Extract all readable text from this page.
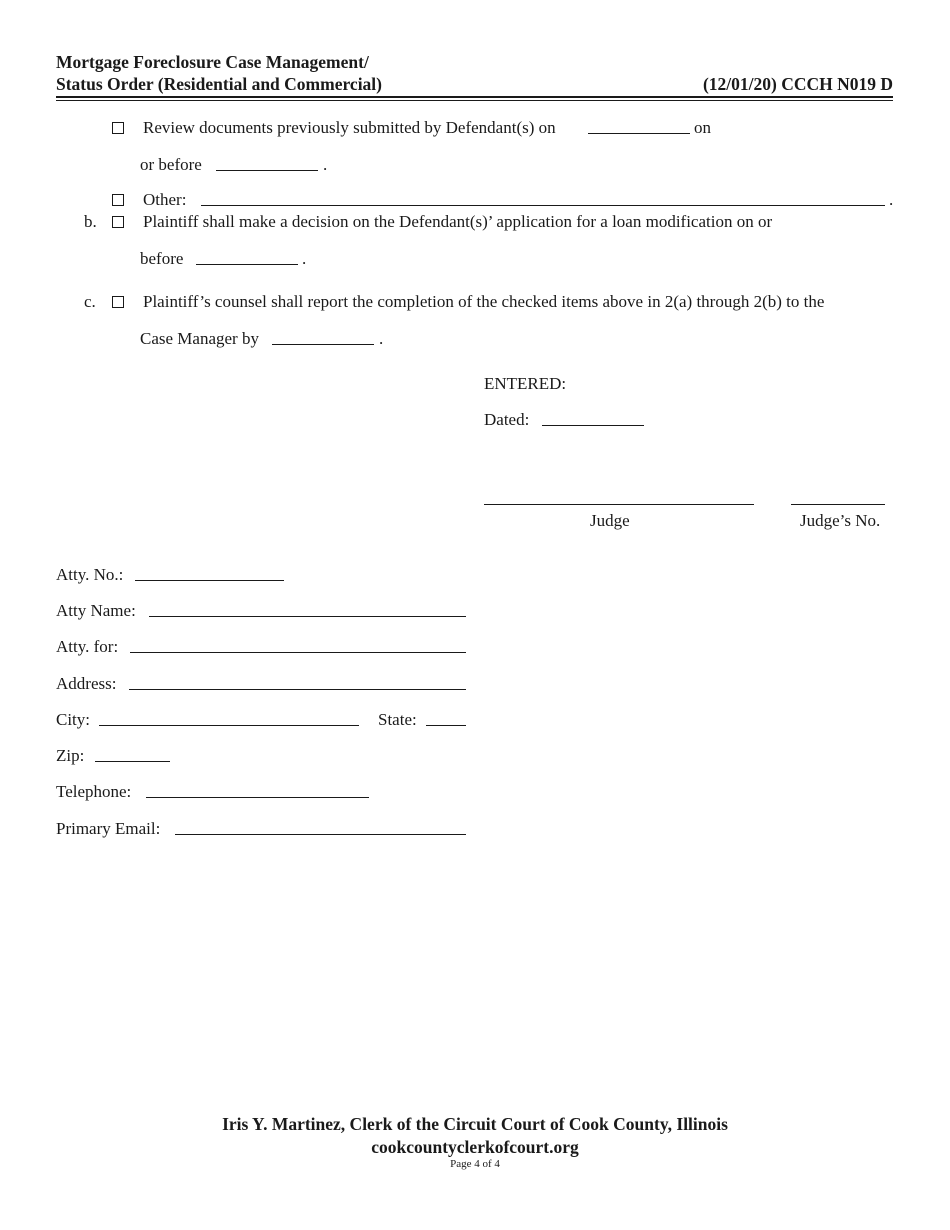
Mortgage Foreclosure Case Management/
Status Order (Residential and Commercial)	(12/01/20) CCCH N019 D
Review documents previously submitted by Defendant(s) on	on
or before	.
Other:	.
b.	Plaintiff shall make a decision on the Defendant(s)’ application for a loan modification on or
before	.
c.	Plaintiff’s counsel shall report the completion of the checked items above in 2(a) through 2(b) to the
Case Manager by	.
ENTERED:
Dated:
Judge	Judge’s No.
Atty. No.:
Atty Name:
Atty. for:
Address:
City:	State:
Zip:
Telephone:
Primary Email:
Iris Y. Martinez, Clerk of the Circuit Court of Cook County, Illinois
cookcountyclerkofcourt.org
Page 4 of 4
